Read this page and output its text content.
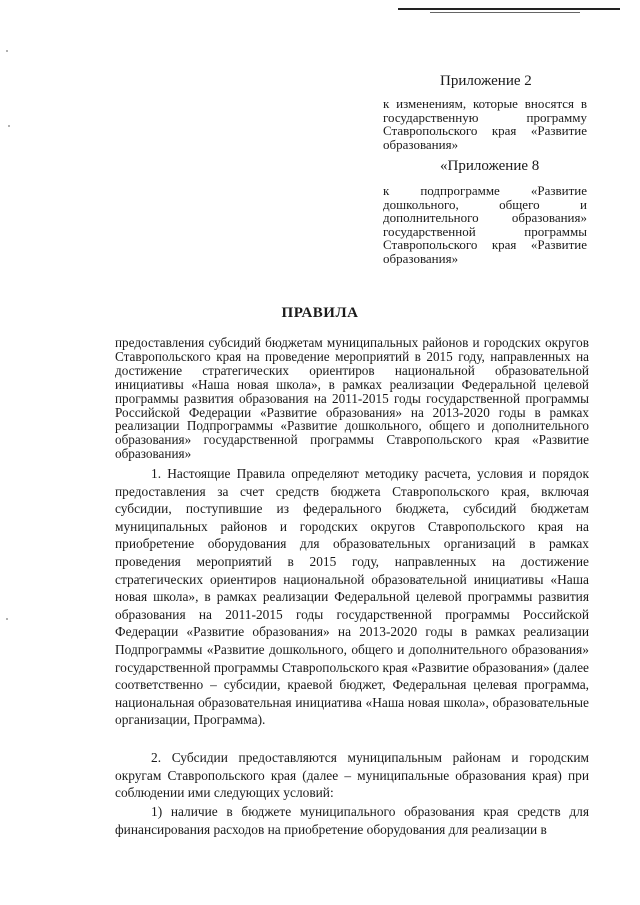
Приложение 2

к изменениям, которые вносятся в государственную программу Ставропольского края «Развитие образования»

«Приложение 8

к подпрограмме «Развитие дошкольного, общего и дополнительного образования» государственной программы Ставропольского края «Развитие образования»

ПРАВИЛА

предоставления субсидий бюджетам муниципальных районов и городских округов Ставропольского края на проведение мероприятий в 2015 году, направленных на достижение стратегических ориентиров национальной образовательной инициативы «Наша новая школа», в рамках реализации Федеральной целевой программы развития образования на 2011-2015 годы государственной программы Российской Федерации «Развитие образования» на 2013-2020 годы в рамках реализации Подпрограммы «Развитие дошкольного, общего и дополнительного образования» государственной программы Ставропольского края «Развитие образования»

1. Настоящие Правила определяют методику расчета, условия и порядок предоставления за счет средств бюджета Ставропольского края, включая субсидии, поступившие из федерального бюджета, субсидий бюджетам муниципальных районов и городских округов Ставропольского края на приобретение оборудования для образовательных организаций в рамках проведения мероприятий в 2015 году, направленных на достижение стратегических ориентиров национальной образовательной инициативы «Наша новая школа», в рамках реализации Федеральной целевой программы развития образования на 2011-2015 годы государственной программы Российской Федерации «Развитие образования» на 2013-2020 годы в рамках реализации Подпрограммы «Развитие дошкольного, общего и дополнительного образования» государственной программы Ставропольского края «Развитие образования» (далее соответственно – субсидии, краевой бюджет, Федеральная целевая программа, национальная образовательная инициатива «Наша новая школа», образовательные организации, Программа).

2. Субсидии предоставляются муниципальным районам и городским округам Ставропольского края (далее – муниципальные образования края) при соблюдении ими следующих условий:

1) наличие в бюджете муниципального образования края средств для финансирования расходов на приобретение оборудования для реализации в
